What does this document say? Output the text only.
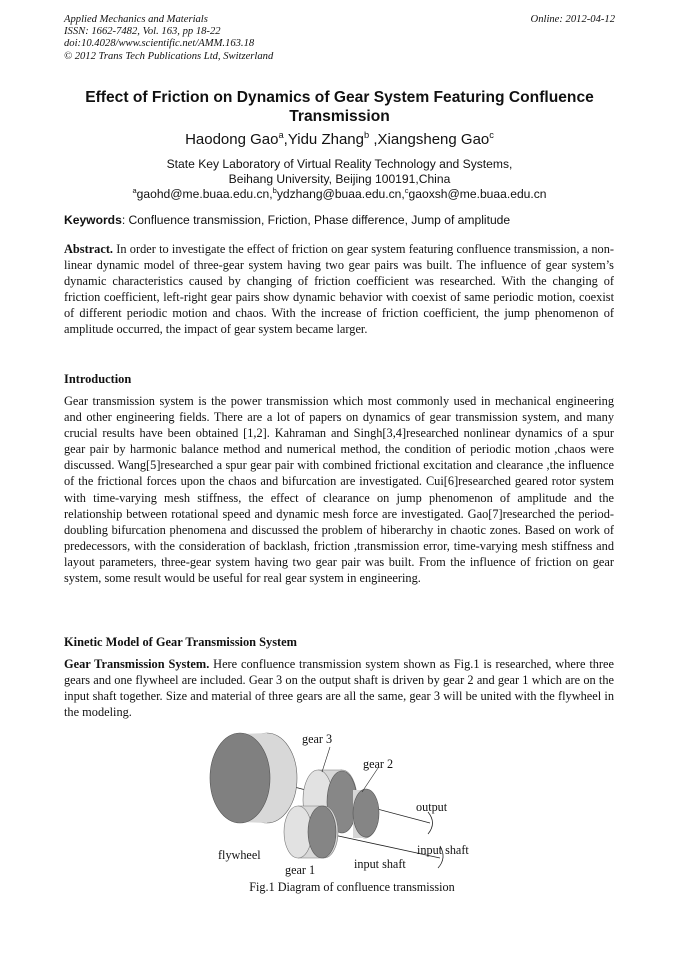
Applied Mechanics and Materials
ISSN: 1662-7482, Vol. 163, pp 18-22
doi:10.4028/www.scientific.net/AMM.163.18
© 2012 Trans Tech Publications Ltd, Switzerland
Online: 2012-04-12
Effect of Friction on Dynamics of Gear System Featuring Confluence Transmission
Haodong Gao$^a$,Yidu Zhang$^b$ ,Xiangsheng Gao$^c$
State Key Laboratory of Virtual Reality Technology and Systems,
Beihang University, Beijing 100191,China
$^a$gaohd@me.buaa.edu.cn,$^b$ydzhang@buaa.edu.cn,$^c$gaoxsh@me.buaa.edu.cn
Keywords: Confluence transmission, Friction, Phase difference, Jump of amplitude
Abstract. In order to investigate the effect of friction on gear system featuring confluence transmission, a non-linear dynamic model of three-gear system having two gear pairs was built. The influence of gear system’s dynamic characteristics caused by changing of friction coefficient was researched. With the changing of friction coefficient, left-right gear pairs show dynamic behavior with coexist of same periodic motion, coexist of different periodic motion and chaos. With the increase of friction coefficient, the jump phenomenon of amplitude occurred, the impact of gear system became larger.
Introduction
Gear transmission system is the power transmission which most commonly used in mechanical engineering and other engineering fields. There are a lot of papers on dynamics of gear transmission system, and many crucial results have been obtained [1,2]. Kahraman and Singh[3,4]researched nonlinear dynamics of a spur gear pair by harmonic balance method and numerical method, the condition of periodic motion ,chaos were discussed. Wang[5]researched a spur gear pair with combined frictional excitation and clearance ,the influence of the frictional forces upon the chaos and bifurcation are investigated. Cui[6]researched geared rotor system with time-varying mesh stiffness, the effect of clearance on jump phenomenon of amplitude and the relationship between rotational speed and dynamic mesh force are investigated. Gao[7]researched the period-doubling bifurcation phenomena and discussed the problem of hiberarchy in chaotic zones. Based on work of predecessors, with the consideration of backlash, friction ,transmission error, time-varying mesh stiffness and layout parameters, three-gear system having two gear pair was built. From the influence of friction on gear system, some result would be useful for real gear system in engineering.
Kinetic Model of Gear Transmission System
Gear Transmission System. Here confluence transmission system shown as Fig.1 is researched, where three gears and one flywheel are included. Gear 3 on the output shaft is driven by gear 2 and gear 1 which are on the input shaft together. Size and material of three gears are all the same, gear 3 will be united with the flywheel in the modeling.
gear 3
gear 2
output
input shaft
flywheel
input shaft
gear 1
Fig.1 Diagram of confluence transmission
